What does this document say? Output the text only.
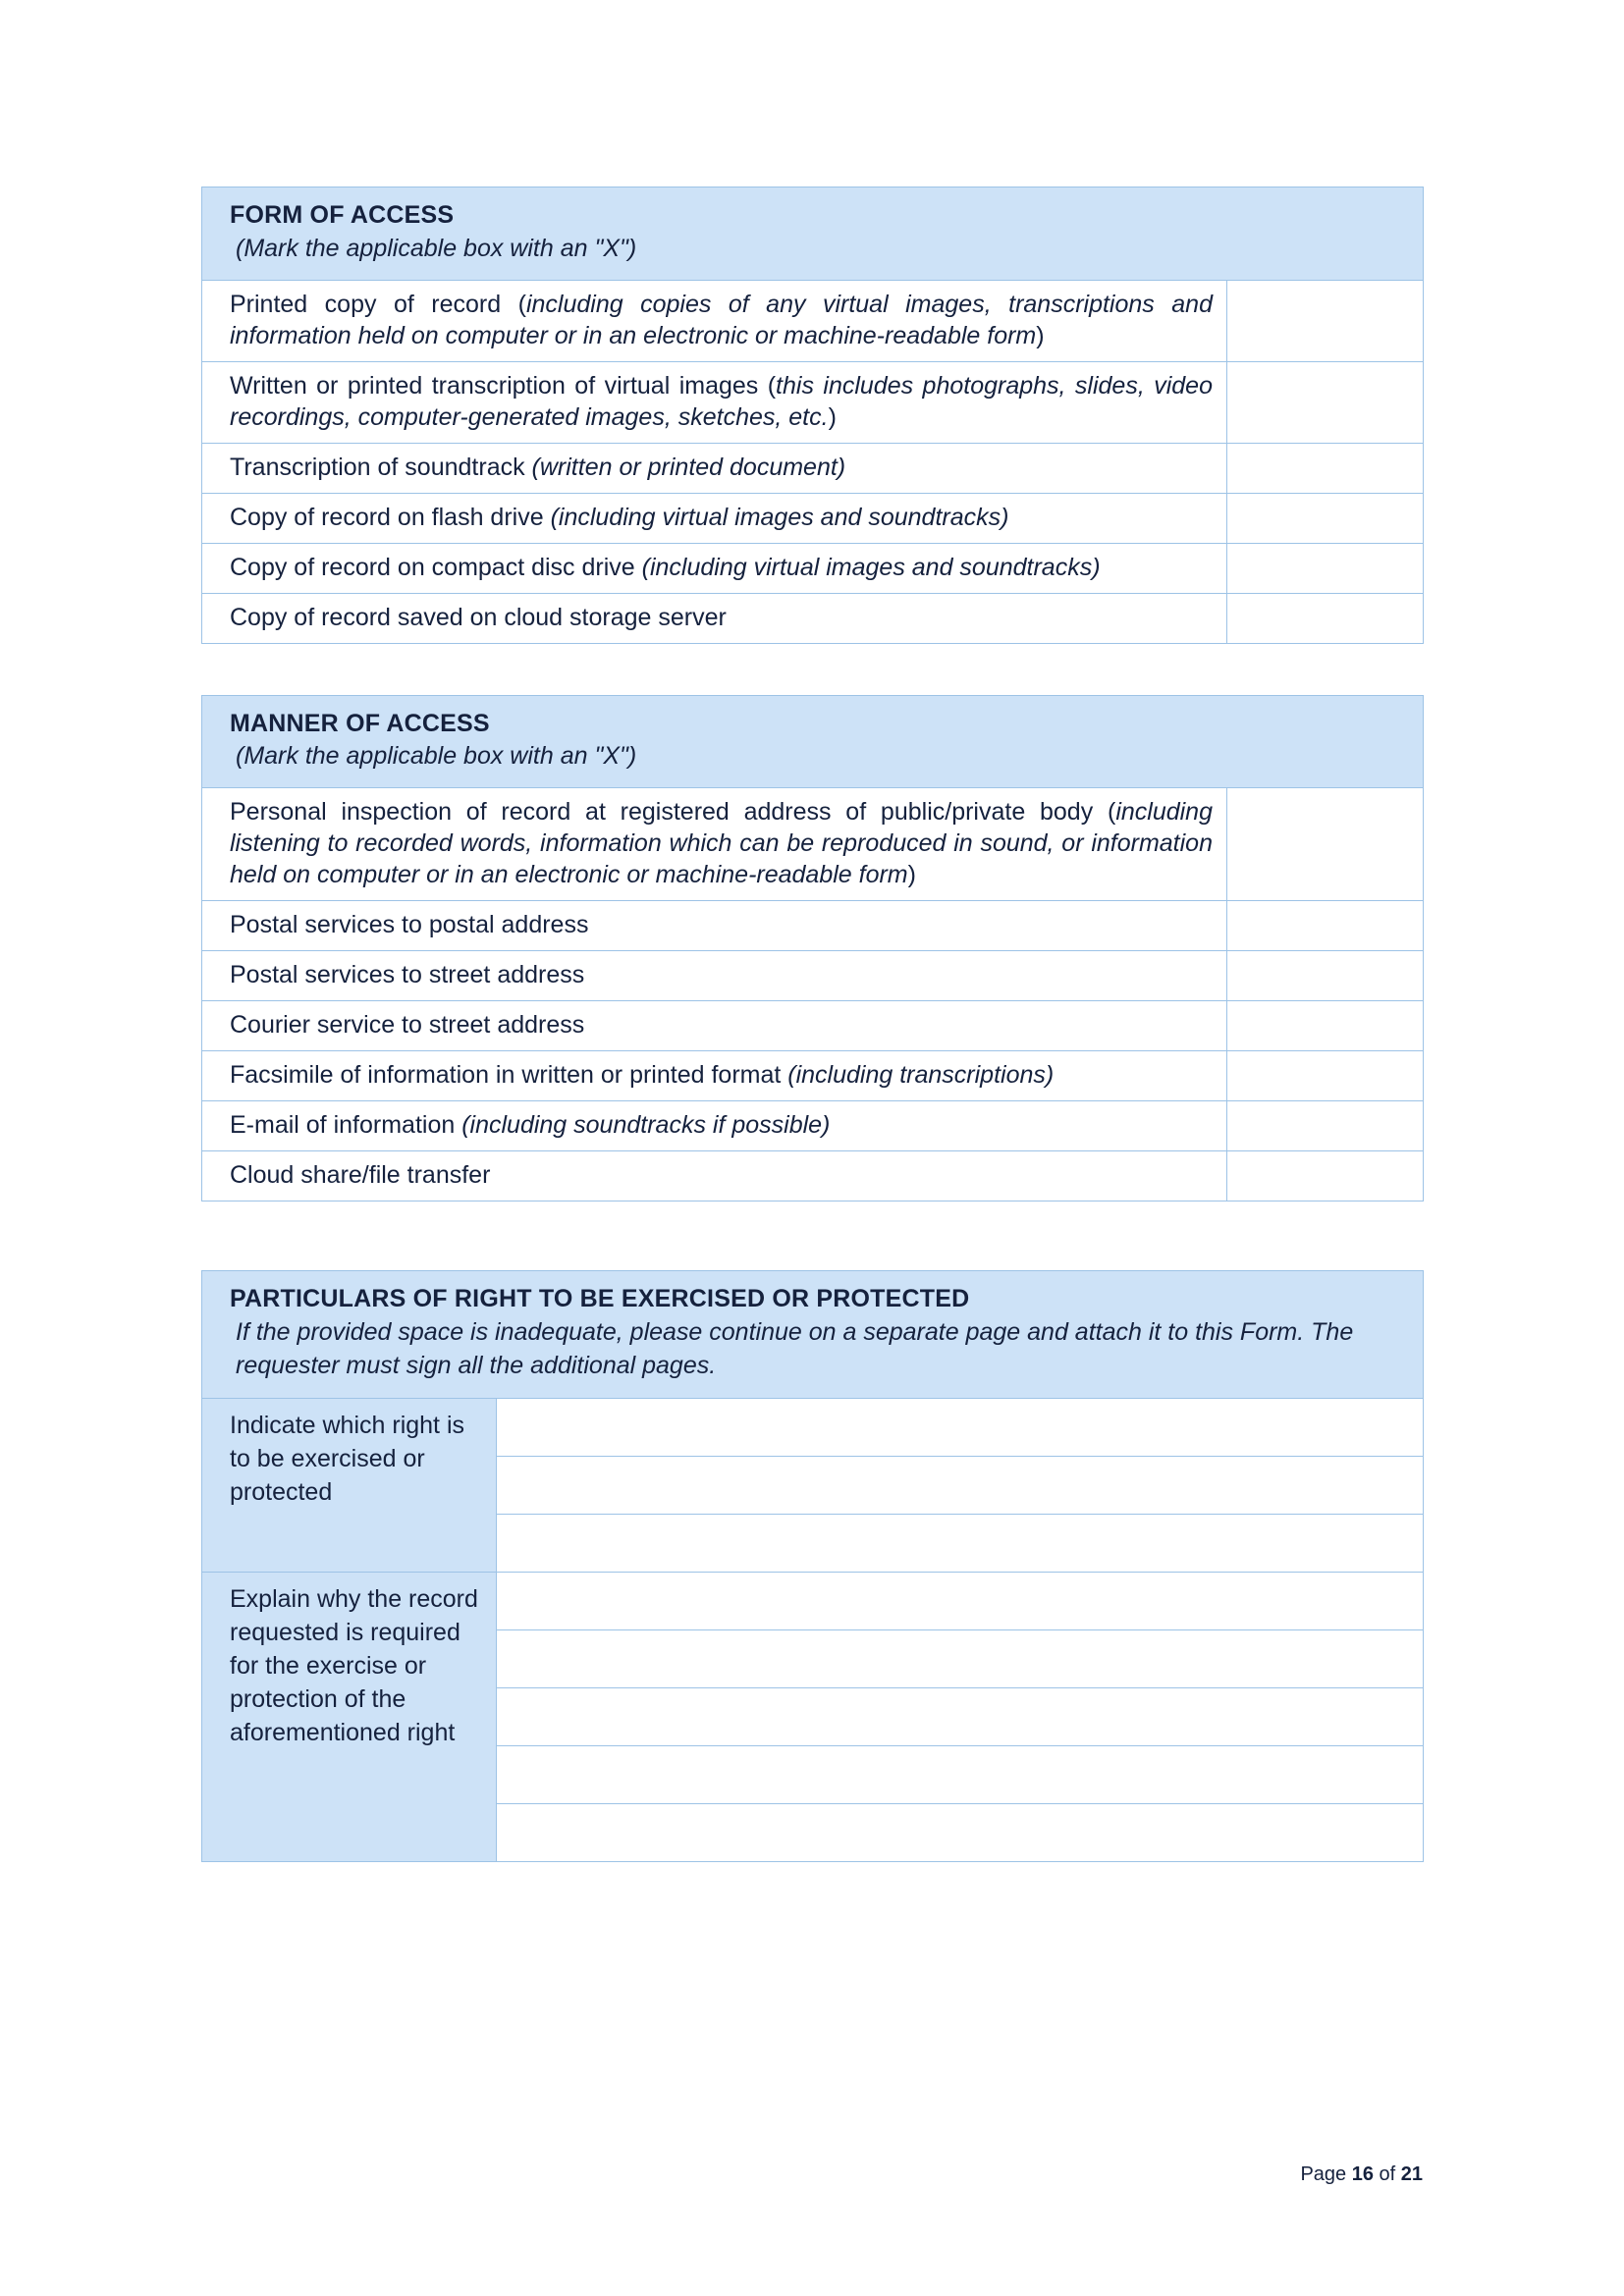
FORM OF ACCESS
(Mark the applicable box with an "X")	

Printed copy of record (including copies of any virtual images, transcriptions and information held on computer or in an electronic or machine-readable form)	
Written or printed transcription of virtual images (this includes photographs, slides, video recordings, computer-generated images, sketches, etc.)	
Transcription of soundtrack (written or printed document)	
Copy of record on flash drive (including virtual images and soundtracks)	
Copy of record on compact disc drive (including virtual images and soundtracks)	
Copy of record saved on cloud storage server	
MANNER OF ACCESS
(Mark the applicable box with an "X")	

Personal inspection of record at registered address of public/private body (including listening to recorded words, information which can be reproduced in sound, or information held on computer or in an electronic or machine-readable form)	
Postal services to postal address	
Postal services to street address	
Courier service to street address	
Facsimile of information in written or printed format (including transcriptions)	
E-mail of information (including soundtracks if possible)	
Cloud share/file transfer	
PARTICULARS OF RIGHT TO BE EXERCISED OR PROTECTED
If the provided space is inadequate, please continue on a separate page and attach it to this Form. The requester must sign all the additional pages.	

Indicate which right is to be exercised or protected	

Explain why the record requested is required for the exercise or protection of the aforementioned right	

Page 16 of 21
